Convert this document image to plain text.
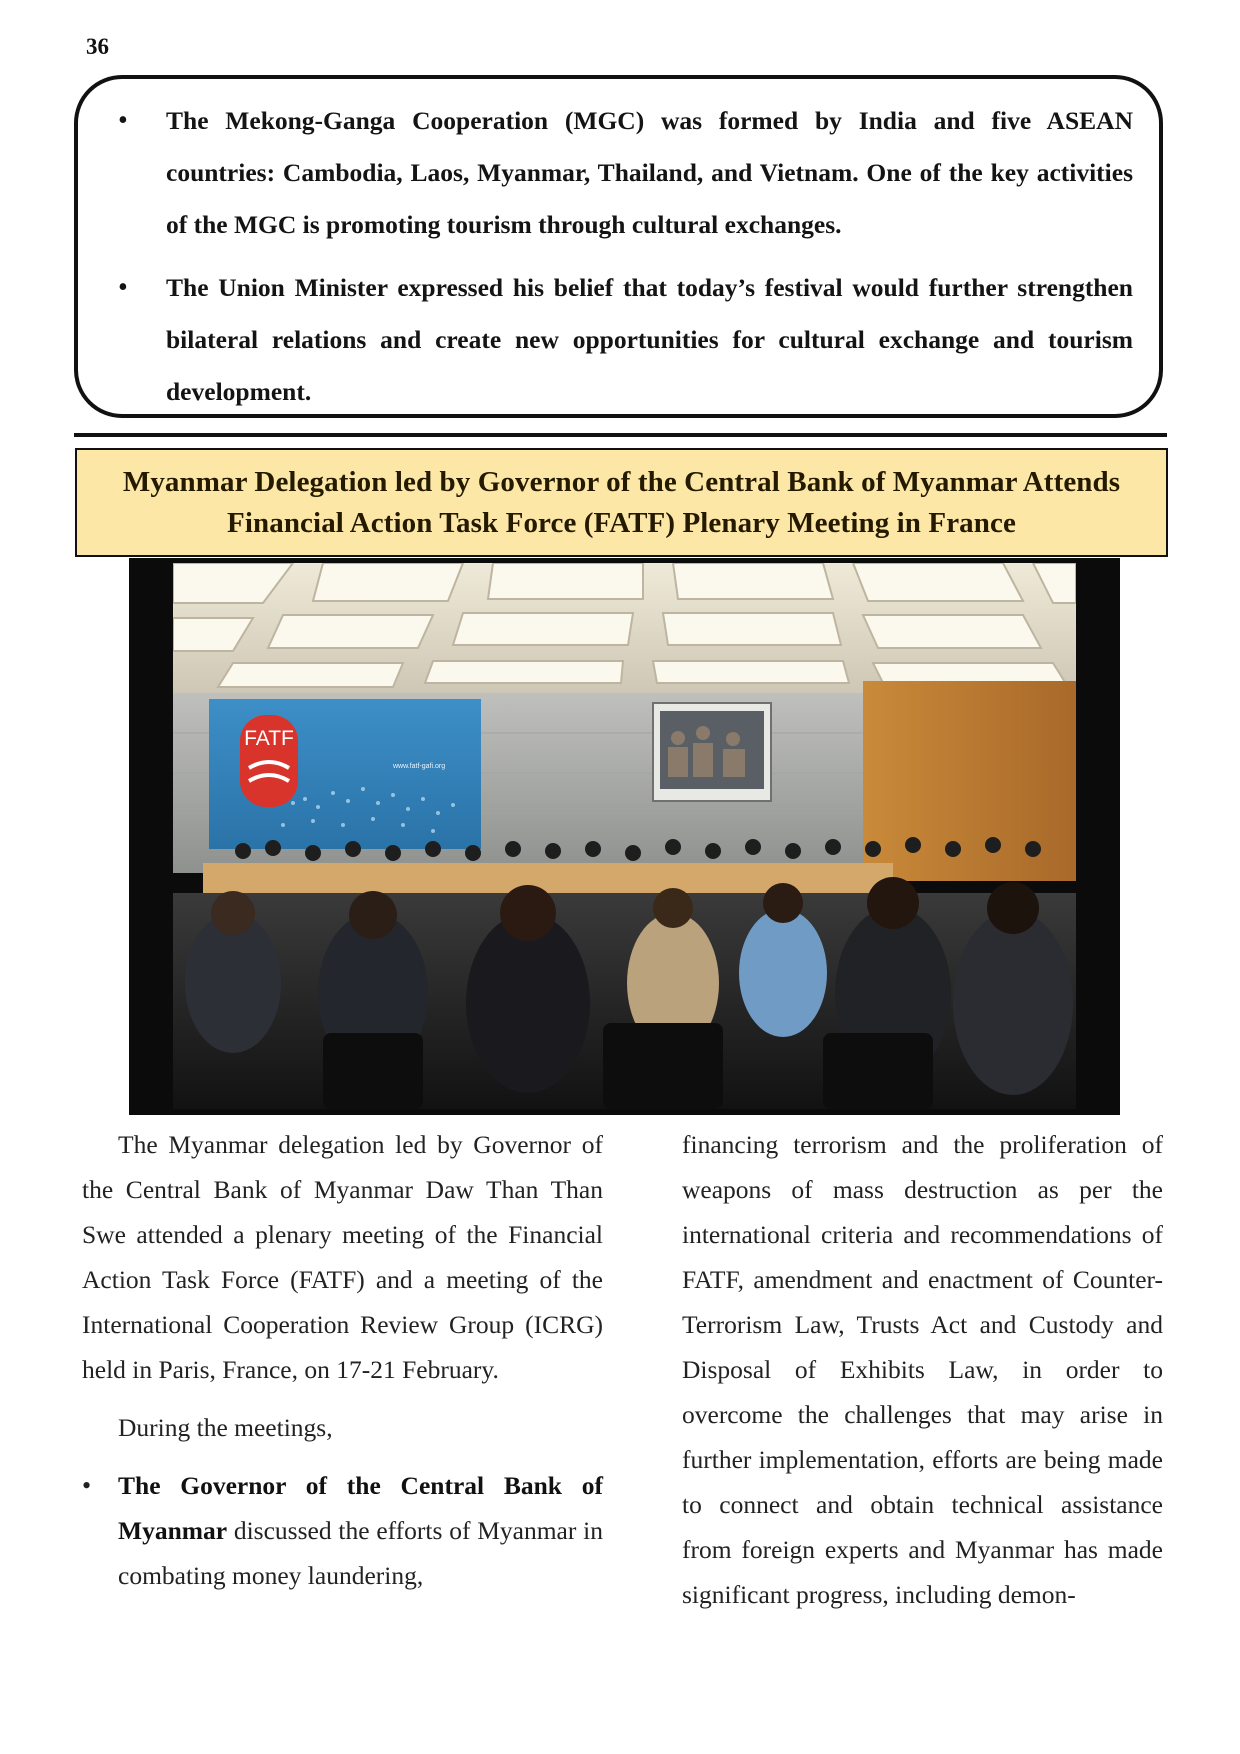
36
• The Mekong-Ganga Cooperation (MGC) was formed by India and five ASEAN countries: Cambodia, Laos, Myanmar, Thailand, and Vietnam. One of the key activities of the MGC is promoting tourism through cultural exchanges.
• The Union Minister expressed his belief that today’s festival would further strengthen bilateral relations and create new opportunities for cultural exchange and tourism development.
Myanmar Delegation led by Governor of the Central Bank of Myanmar Attends
Financial Action Task Force (FATF) Plenary Meeting in France
FATF
www.fatf-gafi.org

The Myanmar delegation led by Governor of the Central Bank of Myanmar Daw Than Than Swe attended a plenary meeting of the Financial Action Task Force (FATF) and a meeting of the International Cooperation Review Group (ICRG) held in Paris, France, on 17-21 February.

During the meetings,

• The Governor of the Central Bank of Myanmar discussed the efforts of Myanmar in combating money laundering,

financing terrorism and the proliferation of weapons of mass destruction as per the international criteria and recommendations of FATF, amendment and enactment of Counter-Terrorism Law, Trusts Act and Custody and Disposal of Exhibits Law, in order to overcome the challenges that may arise in further implementation, efforts are being made to connect and obtain technical assistance from foreign experts and Myanmar has made significant progress, including demon-
